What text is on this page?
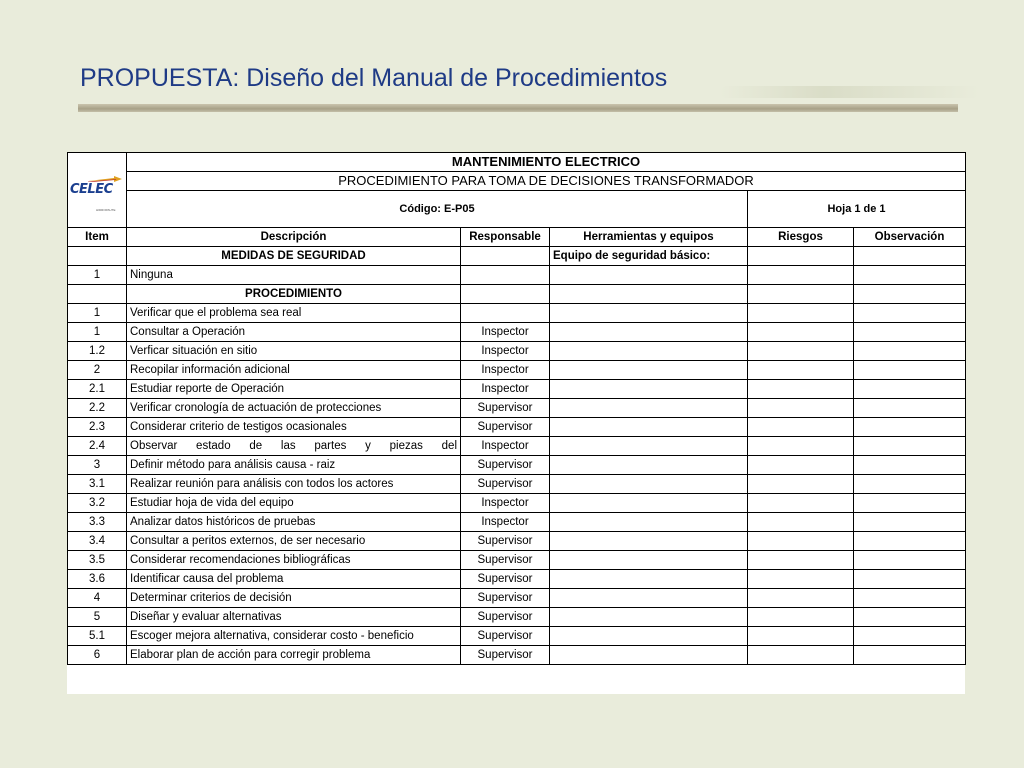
PROPUESTA: Diseño del Manual de Procedimientos
CELEC
HIDROPAUTE	MANTENIMIENTO ELECTRICO				
	PROCEDIMIENTO PARA TOMA DE DECISIONES TRANSFORMADOR				
	Código: E-P05			Hoja 1 de 1	

Item	Descripción	Responsable	Herramientas y equipos	Riesgos	Observación
	MEDIDAS DE SEGURIDAD		Equipo de seguridad básico:		
1	Ninguna				
	PROCEDIMIENTO				
1	Verificar que el problema sea real				
1	Consultar a Operación	Inspector			
1.2	Verficar situación en sitio	Inspector			
2	Recopilar información adicional	Inspector			
2.1	Estudiar reporte de Operación	Inspector			
2.2	Verificar cronología de actuación de protecciones	Supervisor			
2.3	Considerar criterio de testigos ocasionales	Supervisor			
2.4	Observar estado de las partes y piezas del	Inspector			
3	Definir método para análisis causa - raiz	Supervisor			
3.1	Realizar reunión para análisis con todos los actores	Supervisor			
3.2	Estudiar hoja de vida del equipo	Inspector			
3.3	Analizar datos históricos de pruebas	Inspector			
3.4	Consultar a peritos externos, de ser necesario	Supervisor			
3.5	Considerar recomendaciones bibliográficas	Supervisor			
3.6	Identificar causa del problema	Supervisor			
4	Determinar criterios de decisión	Supervisor			
5	Diseñar y evaluar alternativas	Supervisor			
5.1	Escoger mejora alternativa, considerar costo - beneficio	Supervisor			
6	Elaborar plan de acción para corregir problema	Supervisor			
